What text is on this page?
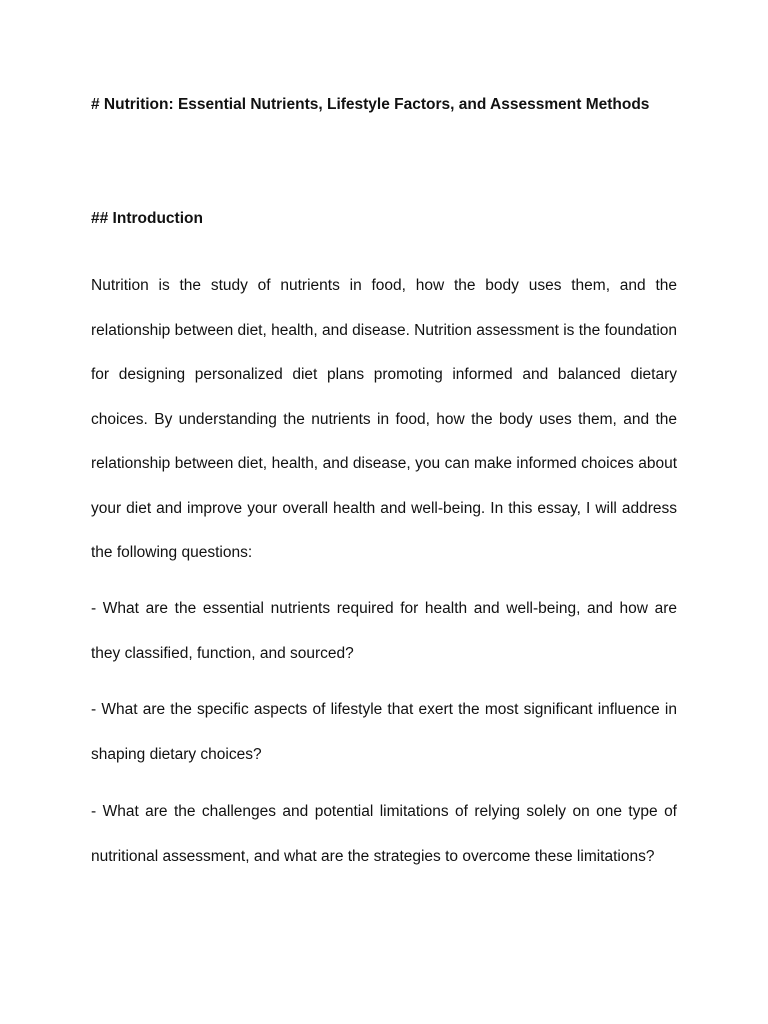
# Nutrition: Essential Nutrients, Lifestyle Factors, and Assessment Methods
## Introduction

Nutrition is the study of nutrients in food, how the body uses them, and the relationship between diet, health, and disease. Nutrition assessment is the foundation for designing personalized diet plans promoting informed and balanced dietary choices. By understanding the nutrients in food, how the body uses them, and the relationship between diet, health, and disease, you can make informed choices about your diet and improve your overall health and well-being. In this essay, I will address the following questions:

- What are the essential nutrients required for health and well-being, and how are they classified, function, and sourced?

- What are the specific aspects of lifestyle that exert the most significant influence in shaping dietary choices?

- What are the challenges and potential limitations of relying solely on one type of nutritional assessment, and what are the strategies to overcome these limitations?
